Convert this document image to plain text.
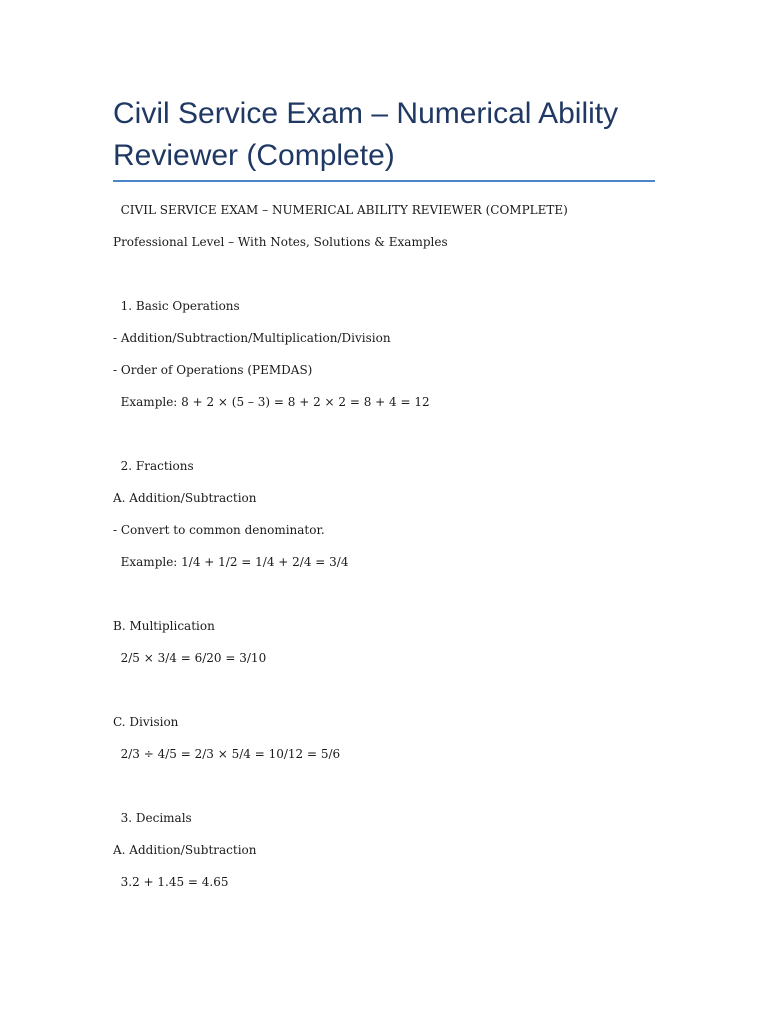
Civil Service Exam – Numerical Ability Reviewer (Complete)

CIVIL SERVICE EXAM – NUMERICAL ABILITY REVIEWER (COMPLETE)

Professional Level – With Notes, Solutions & Examples

1. Basic Operations

- Addition/Subtraction/Multiplication/Division

- Order of Operations (PEMDAS)

Example: 8 + 2 × (5 – 3) = 8 + 2 × 2 = 8 + 4 = 12

2. Fractions

A. Addition/Subtraction

- Convert to common denominator.

Example: 1/4 + 1/2 = 1/4 + 2/4 = 3/4

B. Multiplication

2/5 × 3/4 = 6/20 = 3/10

C. Division

2/3 ÷ 4/5 = 2/3 × 5/4 = 10/12 = 5/6

3. Decimals

A. Addition/Subtraction

3.2 + 1.45 = 4.65
